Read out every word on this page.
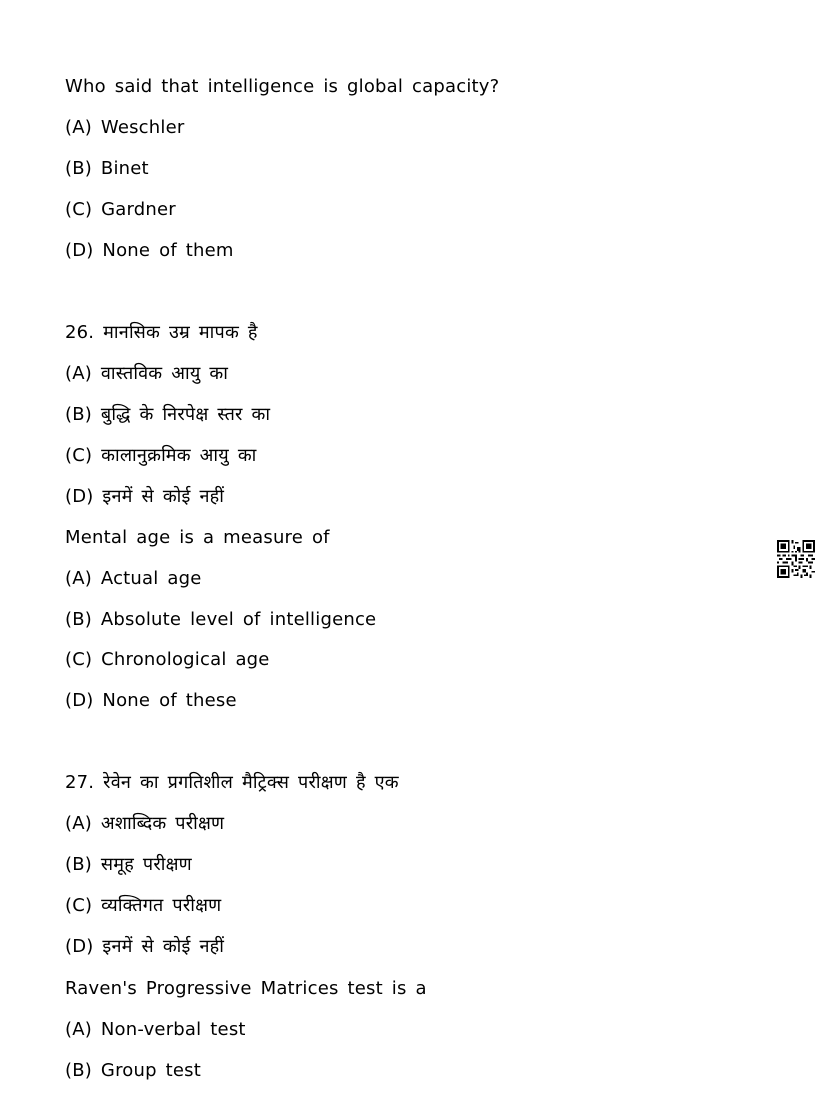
Who said that intelligence is global capacity?
(A) Weschler
(B) Binet
(C) Gardner
(D) None of them
26. मानसिक उम्र मापक है
(A) वास्तविक आयु का
(B) बुद्धि के निरपेक्ष स्तर का
(C) कालानुक्रमिक आयु का
(D) इनमें से कोई नहीं
Mental age is a measure of
(A) Actual age
(B) Absolute level of intelligence
(C) Chronological age
(D) None of these
27. रेवेन का प्रगतिशील मैट्रिक्स परीक्षण है एक
(A) अशाब्दिक परीक्षण
(B) समूह परीक्षण
(C) व्यक्तिगत परीक्षण
(D) इनमें से कोई नहीं
Raven's Progressive Matrices test is a
(A) Non-verbal test
(B) Group test
